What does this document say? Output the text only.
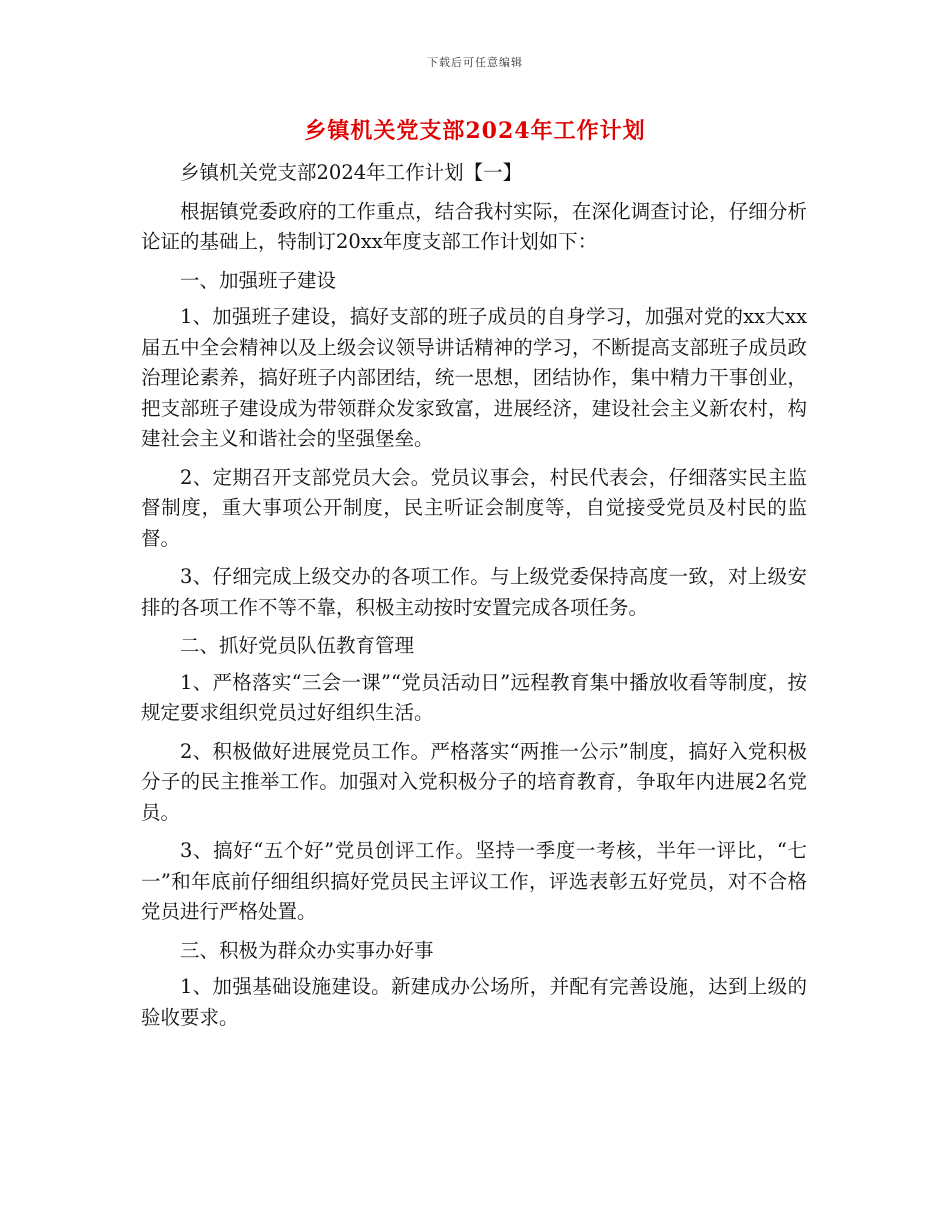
下载后可任意编辑
乡镇机关党支部2024年工作计划

乡镇机关党支部2024年工作计划【一】

根据镇党委政府的工作重点，结合我村实际，在深化调查讨论，仔细分析论证的基础上，特制订20xx年度支部工作计划如下：

一、加强班子建设

1、加强班子建设，搞好支部的班子成员的自身学习，加强对党的xx大xx届五中全会精神以及上级会议领导讲话精神的学习，不断提高支部班子成员政治理论素养，搞好班子内部团结，统一思想，团结协作，集中精力干事创业，把支部班子建设成为带领群众发家致富，进展经济，建设社会主义新农村，构建社会主义和谐社会的坚强堡垒。

2、定期召开支部党员大会。党员议事会，村民代表会，仔细落实民主监督制度，重大事项公开制度，民主听证会制度等，自觉接受党员及村民的监督。

3、仔细完成上级交办的各项工作。与上级党委保持高度一致，对上级安排的各项工作不等不靠，积极主动按时安置完成各项任务。

二、抓好党员队伍教育管理

1、严格落实“三会一课”“党员活动日”远程教育集中播放收看等制度，按规定要求组织党员过好组织生活。

2、积极做好进展党员工作。严格落实“两推一公示”制度，搞好入党积极分子的民主推举工作。加强对入党积极分子的培育教育，争取年内进展2名党员。

3、搞好“五个好”党员创评工作。坚持一季度一考核，半年一评比，“七一”和年底前仔细组织搞好党员民主评议工作，评选表彰五好党员，对不合格党员进行严格处置。

三、积极为群众办实事办好事

1、加强基础设施建设。新建成办公场所，并配有完善设施，达到上级的验收要求。
